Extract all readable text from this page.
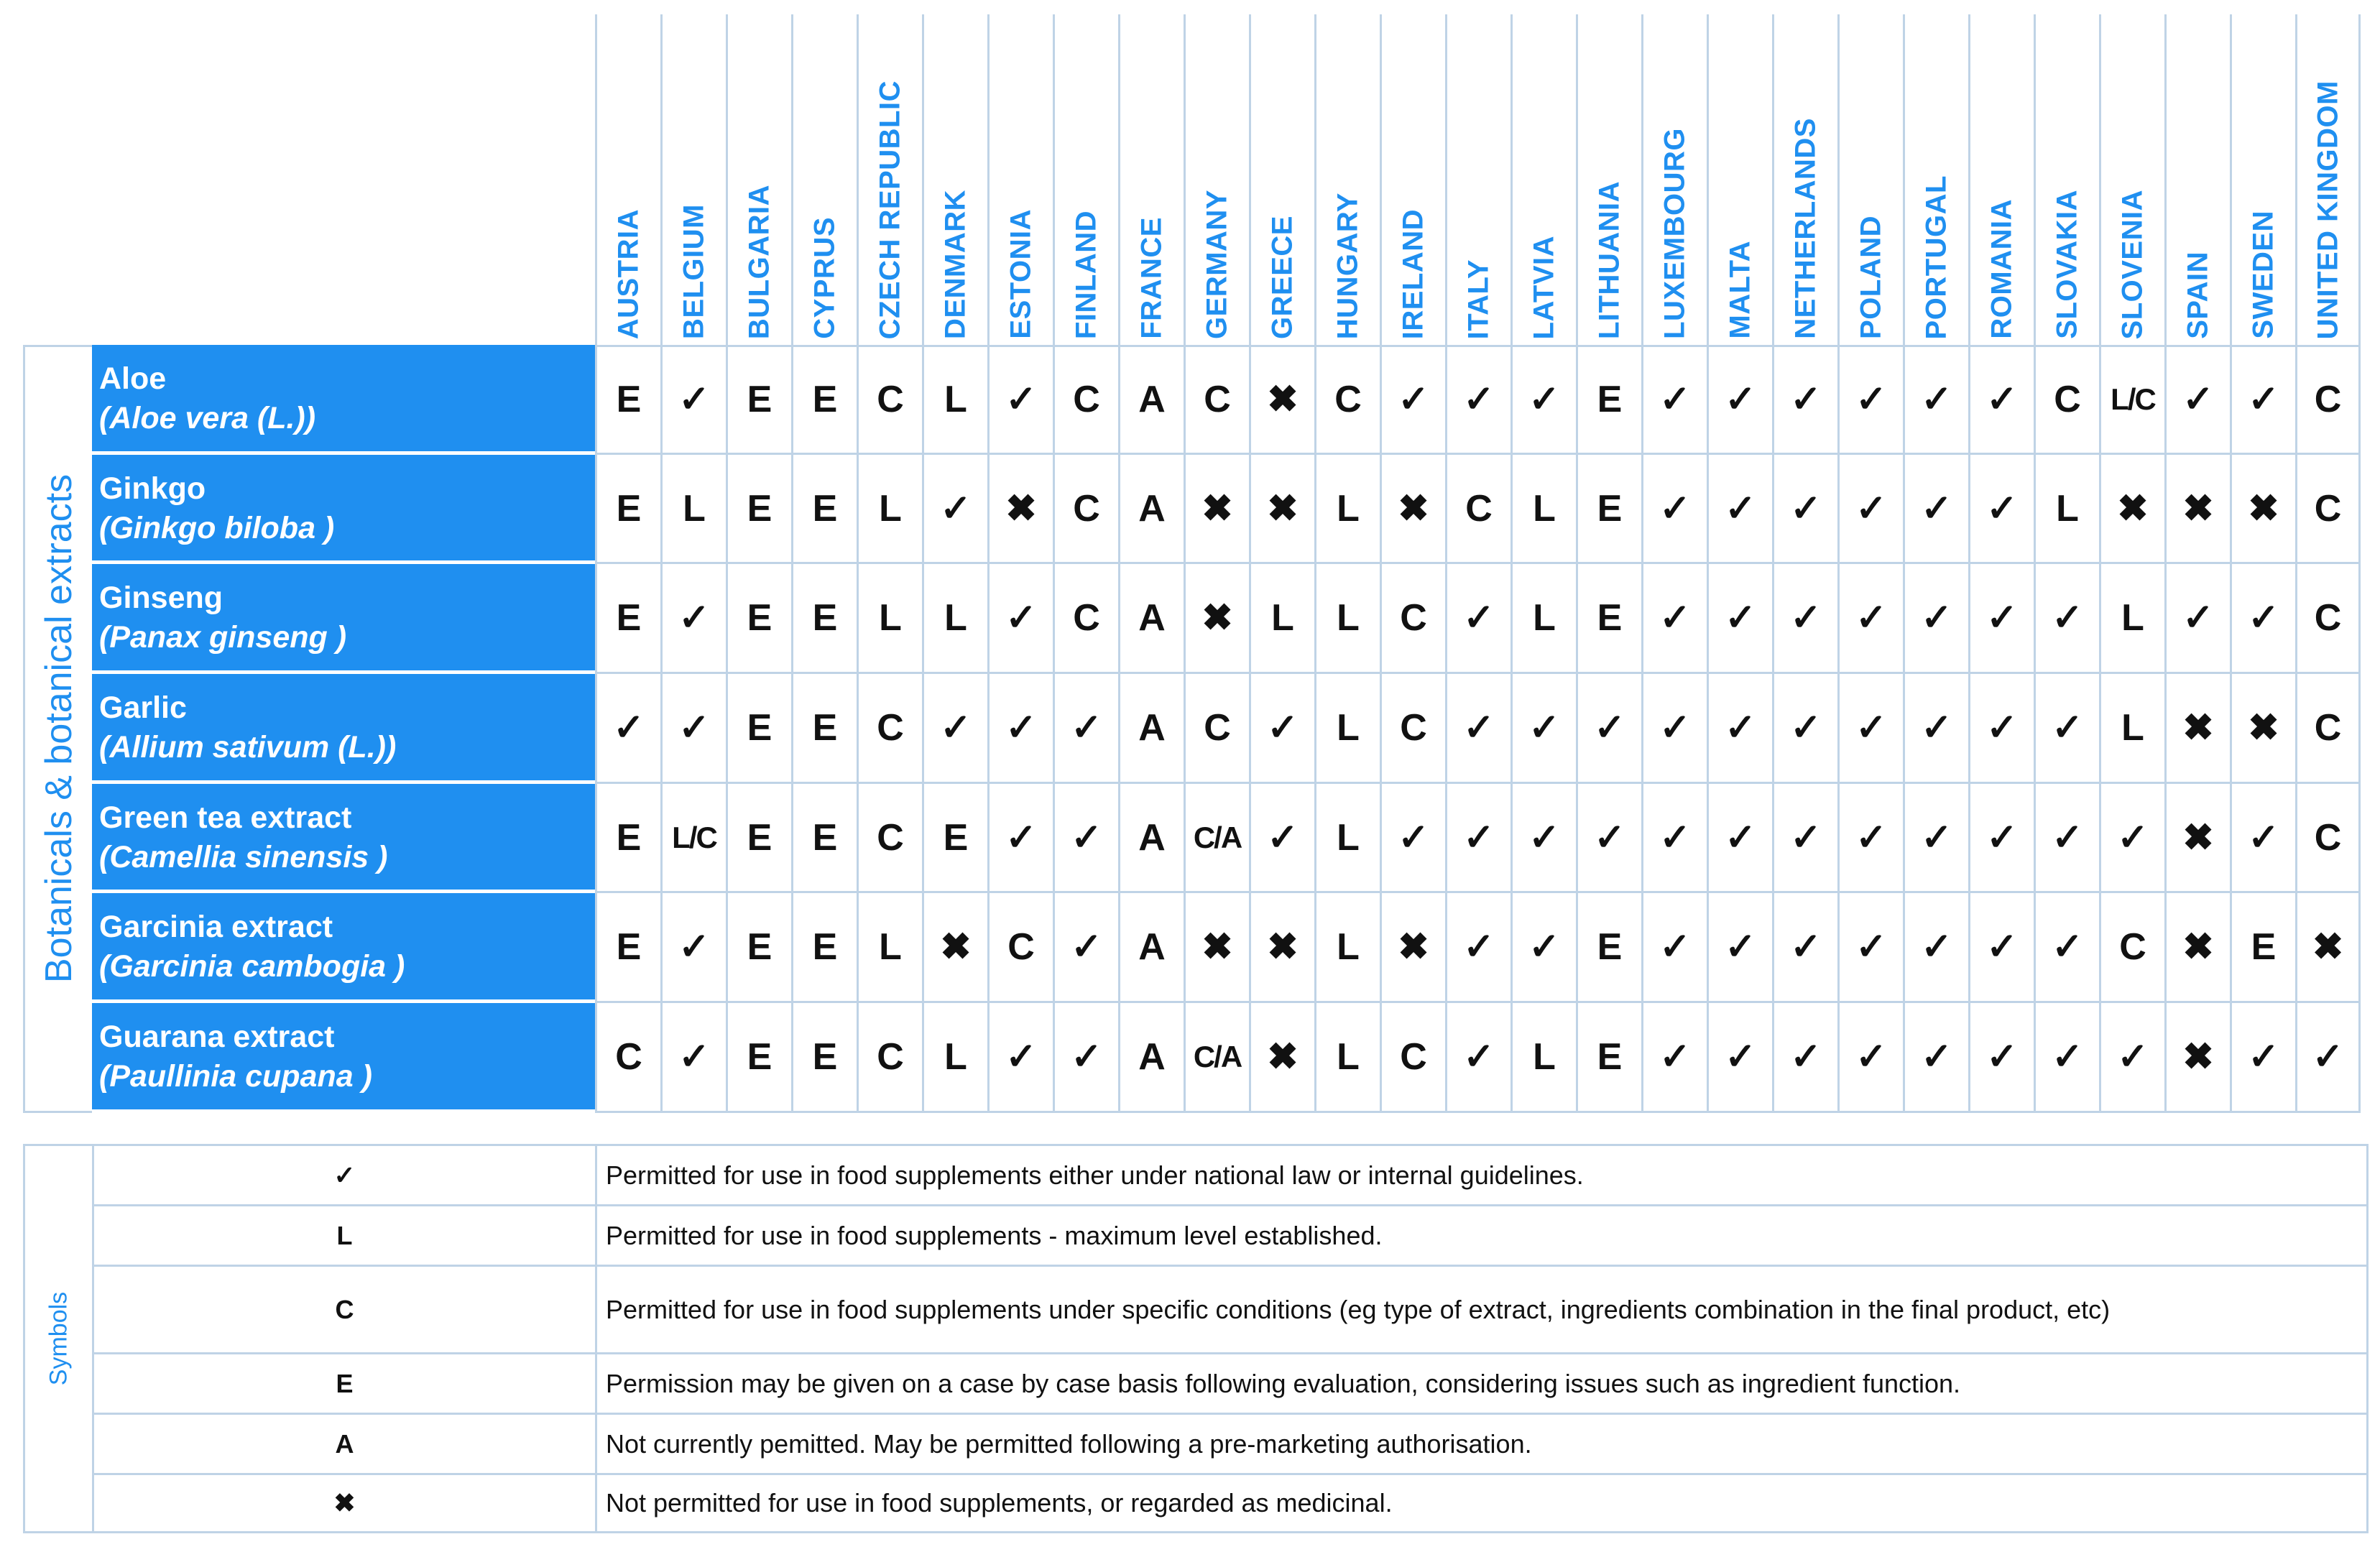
AUSTRIA BELGIUM BULGARIA CYPRUS CZECH REPUBLIC DENMARK ESTONIA FINLAND FRANCE GERMANY GREECE HUNGARY IRELAND ITALY LATVIA LITHUANIA LUXEMBOURG MALTA NETHERLANDS POLAND PORTUGAL ROMANIA SLOVAKIA SLOVENIA SPAIN SWEDEN UNITED KINGDOM
Botanicals & botanical extracts
Aloe
(Aloe vera (L.))	E ✓ E	E	C	L	✓ C	A	C ✖ C ✓ ✓ ✓ E ✓ ✓ ✓ ✓ ✓ ✓ C L/C ✓ ✓ C
Ginkgo
(Ginkgo biloba )	E	L	E	E	L	✓ ✖ C	A ✖ ✖	L	✖ C	L	E ✓ ✓ ✓ ✓ ✓ ✓	L	✖ ✖ ✖ C
Ginseng
(Panax ginseng )	E ✓ E	E	L	L	✓ C	A ✖	L	L	C ✓	L	E ✓ ✓ ✓ ✓ ✓ ✓ ✓	L	✓ ✓ C
Garlic
(Allium sativum (L.))	✓ ✓ E	E	C ✓ ✓ ✓ A	C ✓	L	C ✓ ✓ ✓ ✓ ✓ ✓ ✓ ✓ ✓ ✓	L	✖ ✖ C
Green tea extract
(Camellia sinensis )	E	L/C E	E	C	E ✓ ✓ A C/A ✓	L	✓ ✓ ✓ ✓ ✓ ✓ ✓ ✓ ✓ ✓ ✓ ✓ ✖ ✓ C
Garcinia extract
(Garcinia cambogia )	E ✓ E	E	L	✖ C ✓ A ✖ ✖	L	✖ ✓ ✓ E ✓ ✓ ✓ ✓ ✓ ✓ ✓ C ✖ E ✖
Guarana extract
(Paullinia cupana )	C ✓ E	E	C	L	✓ ✓ A C/A ✖	L	C ✓	L	E ✓ ✓ ✓ ✓ ✓ ✓ ✓ ✓ ✖ ✓ ✓
Symbols
✓	Permitted for use in food supplements either under national law or internal guidelines.
L	Permitted for use in food supplements - maximum level established.
C	Permitted for use in food supplements under specific conditions (eg type of extract, ingredients combination in the final product, etc)
E	Permission may be given on a case by case basis following evaluation, considering issues such as ingredient function.
A	Not currently pemitted. May be permitted following a pre-marketing authorisation.
✖	Not permitted for use in food supplements, or regarded as medicinal.
